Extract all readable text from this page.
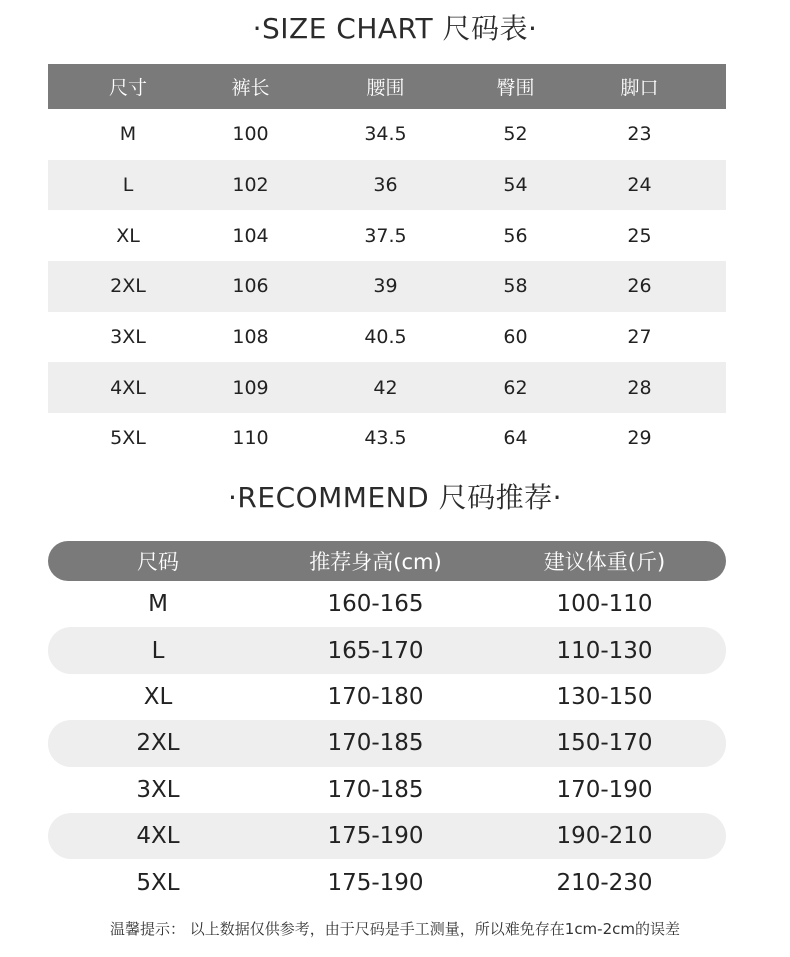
·SIZE CHART 尺码表·
尺寸	裤长	腰围	臀围	脚口
M	100	34.5	52	23
L	102	36	54	24
XL	104	37.5	56	25
2XL	106	39	58	26
3XL	108	40.5	60	27
4XL	109	42	62	28
5XL	110	43.5	64	29
·RECOMMEND 尺码推荐·
尺码	推荐身高(cm)	建议体重(斤)
M	160-165	100-110
L	165-170	110-130
XL	170-180	130-150
2XL	170-185	150-170
3XL	170-185	170-190
4XL	175-190	190-210
5XL	175-190	210-230
温馨提示： 以上数据仅供参考，由于尺码是手工测量，所以难免存在1cm-2cm的误差
